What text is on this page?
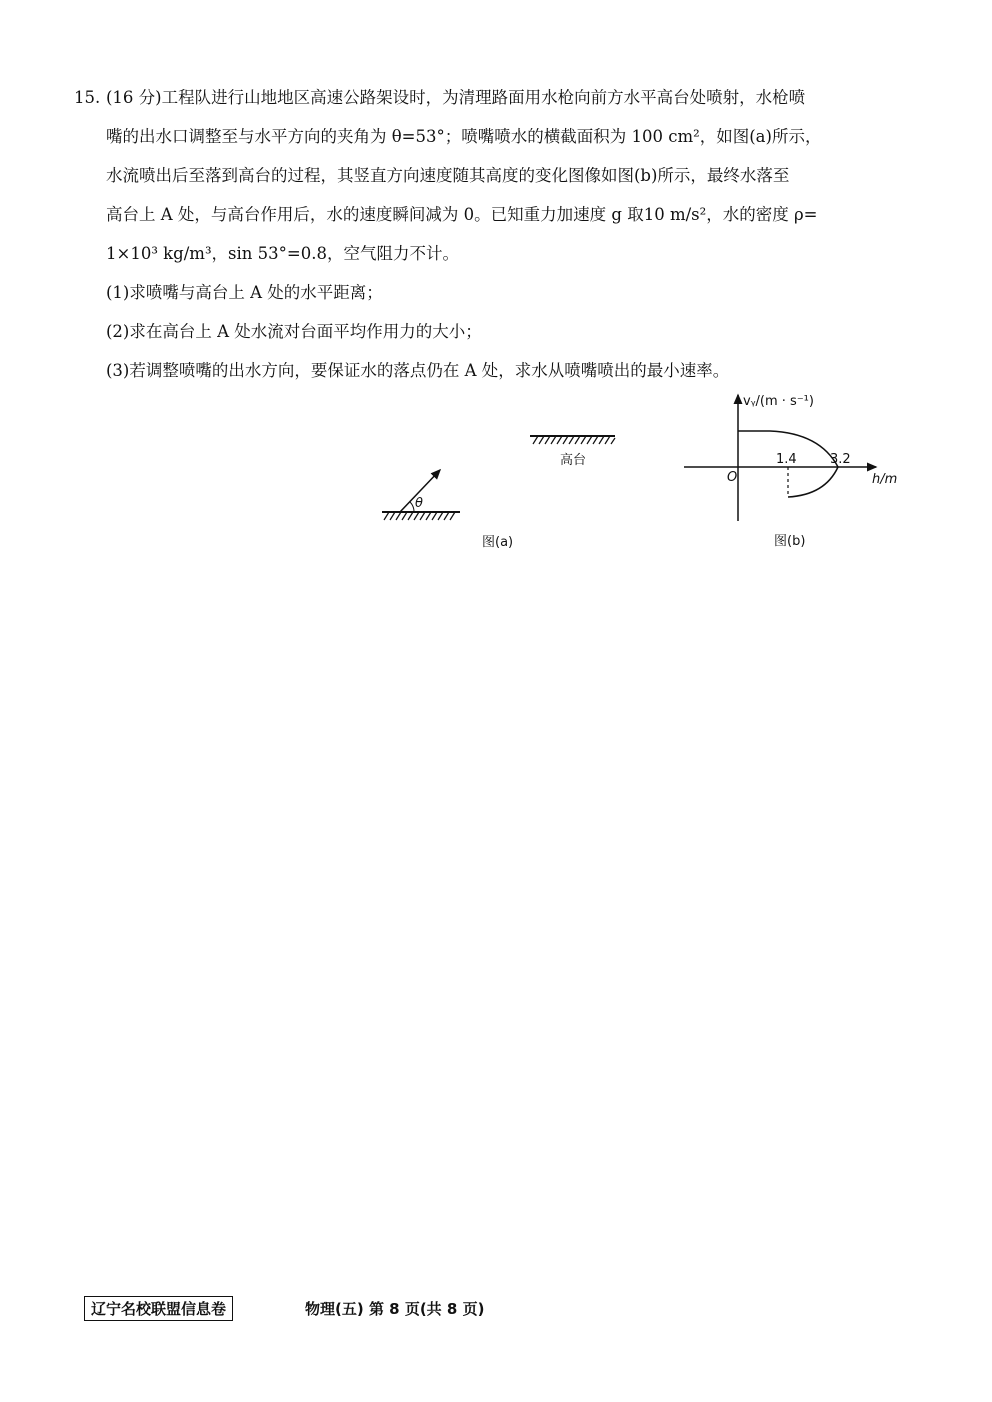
15. (16 分)工程队进行山地地区高速公路架设时，为清理路面用水枪向前方水平高台处喷射，水枪喷
嘴的出水口调整至与水平方向的夹角为 θ=53°；喷嘴喷水的横截面积为 100 cm²，如图(a)所示，
水流喷出后至落到高台的过程，其竖直方向速度随其高度的变化图像如图(b)所示，最终水落至
高台上 A 处，与高台作用后，水的速度瞬间减为 0。已知重力加速度 g 取10 m/s²，水的密度 ρ=
1×10³ kg/m³，sin 53°=0.8，空气阻力不计。
(1)求喷嘴与高台上 A 处的水平距离；
(2)求在高台上 A 处水流对台面平均作用力的大小；
(3)若调整喷嘴的出水方向，要保证水的落点仍在 A 处，求水从喷嘴喷出的最小速率。
高台
θ
图(a)
vᵧ/(m · s⁻¹)
h/m
O
1.4	3.2
图(b)
辽宁名校联盟信息卷	物理(五) 第 8 页(共 8 页)
